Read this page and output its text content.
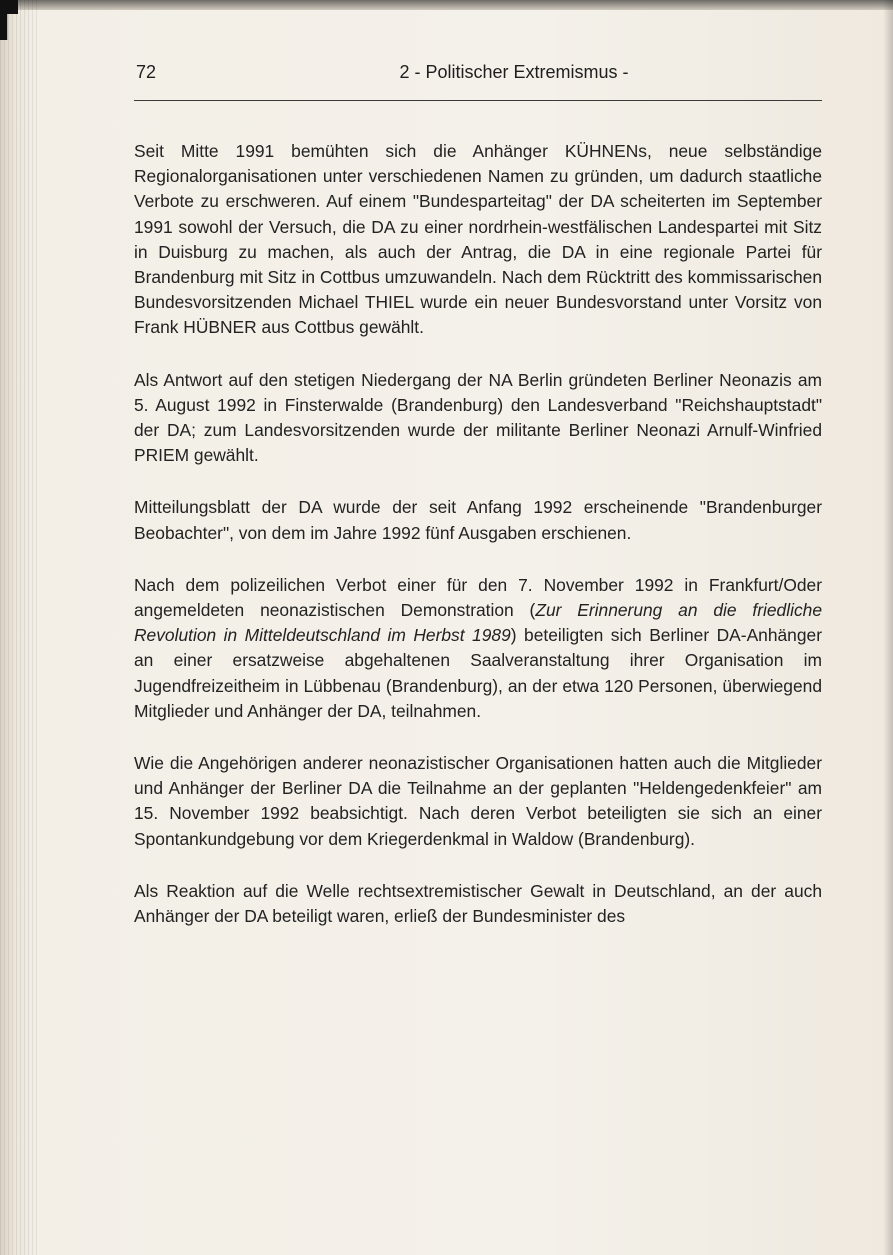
72	2 - Politischer Extremismus -

Seit Mitte 1991 bemühten sich die Anhänger KÜHNENs, neue selbständige Regionalorganisationen unter verschiedenen Namen zu gründen, um dadurch staatliche Verbote zu erschweren. Auf einem "Bundesparteitag" der DA scheiterten im September 1991 sowohl der Versuch, die DA zu einer nordrhein-westfälischen Landespartei mit Sitz in Duisburg zu machen, als auch der Antrag, die DA in eine regionale Partei für Brandenburg mit Sitz in Cottbus umzuwandeln. Nach dem Rücktritt des kommissarischen Bundesvorsitzenden Michael THIEL wurde ein neuer Bundesvorstand unter Vorsitz von Frank HÜBNER aus Cottbus gewählt.

Als Antwort auf den stetigen Niedergang der NA Berlin gründeten Berliner Neonazis am 5. August 1992 in Finsterwalde (Brandenburg) den Landesverband "Reichshauptstadt" der DA; zum Landesvorsitzenden wurde der militante Berliner Neonazi Arnulf-Winfried PRIEM gewählt.

Mitteilungsblatt der DA wurde der seit Anfang 1992 erscheinende "Brandenburger Beobachter", von dem im Jahre 1992 fünf Ausgaben erschienen.

Nach dem polizeilichen Verbot einer für den 7. November 1992 in Frankfurt/Oder angemeldeten neonazistischen Demonstration (Zur Erinnerung an die friedliche Revolution in Mitteldeutschland im Herbst 1989) beteiligten sich Berliner DA-Anhänger an einer ersatzweise abgehaltenen Saalveranstaltung ihrer Organisation im Jugendfreizeitheim in Lübbenau (Brandenburg), an der etwa 120 Personen, überwiegend Mitglieder und Anhänger der DA, teilnahmen.

Wie die Angehörigen anderer neonazistischer Organisationen hatten auch die Mitglieder und Anhänger der Berliner DA die Teilnahme an der geplanten "Heldengedenkfeier" am 15. November 1992 beabsichtigt. Nach deren Verbot beteiligten sie sich an einer Spontankundgebung vor dem Kriegerdenkmal in Waldow (Brandenburg).

Als Reaktion auf die Welle rechtsextremistischer Gewalt in Deutschland, an der auch Anhänger der DA beteiligt waren, erließ der Bundesminister des
